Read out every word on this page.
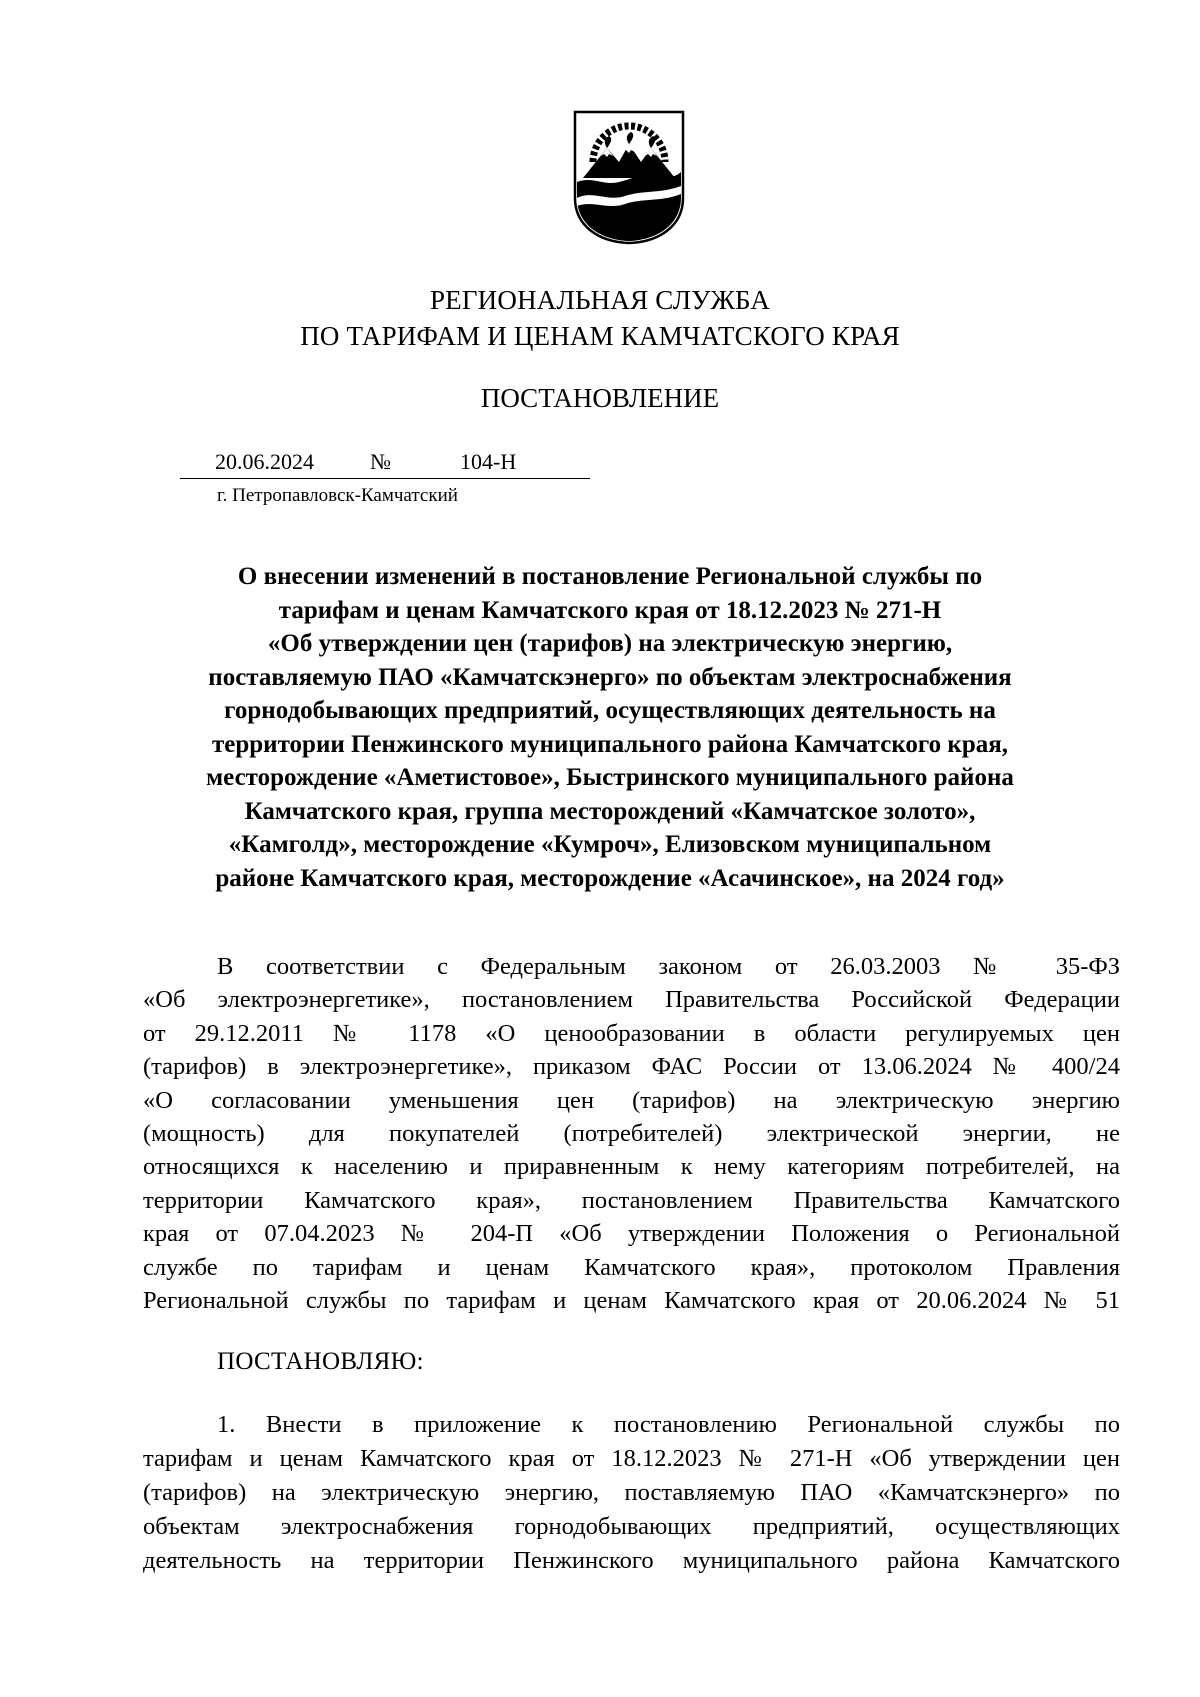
РЕГИОНАЛЬНАЯ СЛУЖБА
ПО ТАРИФАМ И ЦЕНАМ КАМЧАТСКОГО КРАЯ
ПОСТАНОВЛЕНИЕ
20.06.2024	№	104-Н
г. Петропавловск-Камчатский
О внесении изменений в постановление Региональной службы по
тарифам и ценам Камчатского края от 18.12.2023 № 271-Н
«Об утверждении цен (тарифов) на электрическую энергию,
поставляемую ПАО «Камчатскэнерго» по объектам электроснабжения
горнодобывающих предприятий, осуществляющих деятельность на
территории Пенжинского муниципального района Камчатского края,
месторождение «Аметистовое», Быстринского муниципального района
Камчатского края, группа месторождений «Камчатское золото»,
«Камголд», месторождение «Кумроч», Елизовском муниципальном
районе Камчатского края, месторождение «Асачинское», на 2024 год»
В соответствии с Федеральным законом от 26.03.2003 № 35-ФЗ
«Об электроэнергетике», постановлением Правительства Российской Федерации
от 29.12.2011 № 1178 «О ценообразовании в области регулируемых цен
(тарифов) в электроэнергетике», приказом ФАС России от 13.06.2024 № 400/24
«О согласовании уменьшения цен (тарифов) на электрическую энергию
(мощность) для покупателей (потребителей) электрической энергии, не
относящихся к населению и приравненным к нему категориям потребителей, на
территории Камчатского края», постановлением Правительства Камчатского
края от 07.04.2023 № 204-П «Об утверждении Положения о Региональной
службе по тарифам и ценам Камчатского края», протоколом Правления
Региональной службы по тарифам и ценам Камчатского края от 20.06.2024 № 51
ПОСТАНОВЛЯЮ:
1. Внести в приложение к постановлению Региональной службы по
тарифам и ценам Камчатского края от 18.12.2023 № 271-Н «Об утверждении цен
(тарифов) на электрическую энергию, поставляемую ПАО «Камчатскэнерго» по
объектам электроснабжения горнодобывающих предприятий, осуществляющих
деятельность на территории Пенжинского муниципального района Камчатского
